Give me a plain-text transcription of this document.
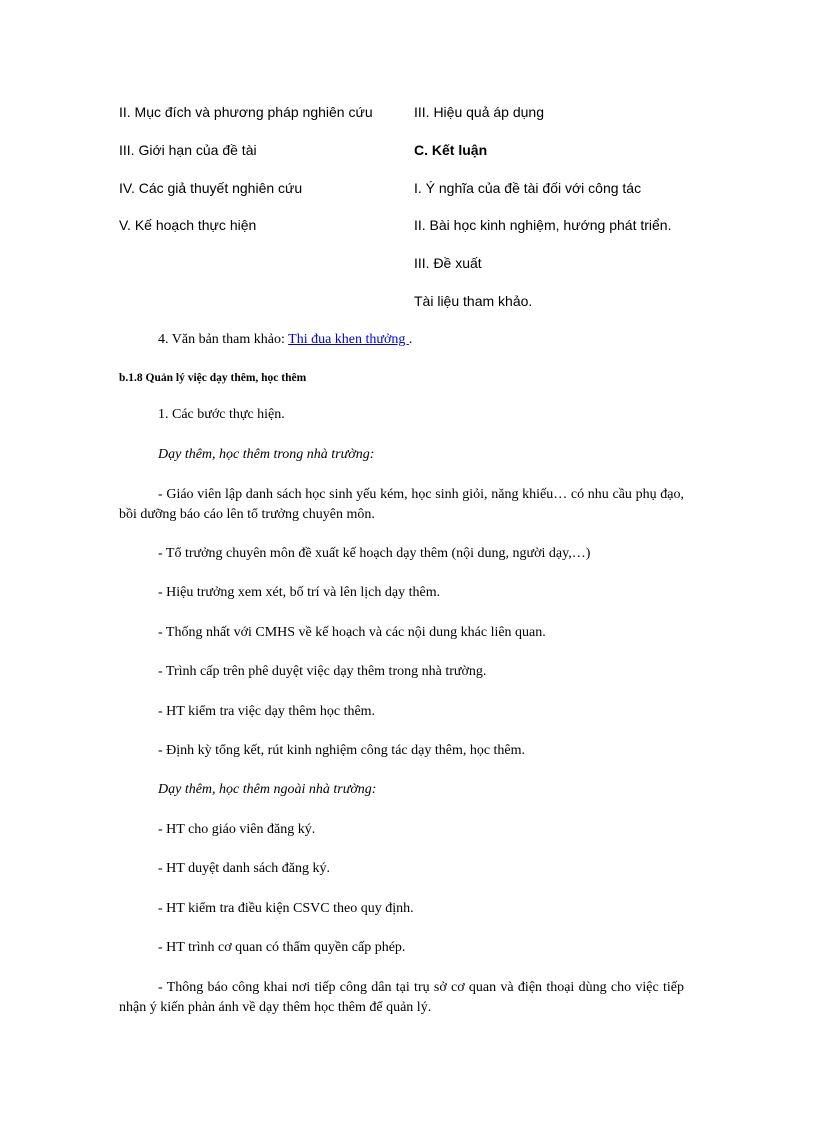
II. Mục đích và phương pháp nghiên cứu
III. Giới hạn của đề tài
IV. Các giả thuyết nghiên cứu
V. Kế hoạch thực hiện
III. Hiệu quả áp dụng
C. Kết luận
I. Ý nghĩa của đề tài đối với công tác
II. Bài học kinh nghiệm, hướng phát triển.
III. Đề xuất
Tài liệu tham khảo.
4. Văn bản tham khảo: Thi đua khen thưởng .
b.1.8 Quản lý việc dạy thêm, học thêm
1. Các bước thực hiện.
Dạy thêm, học thêm trong nhà trường:
- Giáo viên lập danh sách học sinh yếu kém, học sinh giỏi, năng khiếu… có nhu cầu phụ đạo, bồi dưỡng báo cáo lên tổ trưởng chuyên môn.
- Tổ trưởng chuyên môn đề xuất kế hoạch dạy thêm (nội dung, người dạy,…)
- Hiệu trưởng xem xét, bố trí và lên lịch dạy thêm.
- Thống nhất với CMHS về kế hoạch và các nội dung khác liên quan.
- Trình cấp trên phê duyệt việc dạy thêm trong nhà trường.
- HT kiểm tra việc dạy thêm học thêm.
- Định kỳ tổng kết, rút kinh nghiệm công tác dạy thêm, học thêm.
Dạy thêm, học thêm ngoài nhà trường:
- HT cho giáo viên đăng ký.
- HT duyệt danh sách đăng ký.
- HT kiểm tra điều kiện CSVC theo quy định.
- HT trình cơ quan có thẩm quyền cấp phép.
- Thông báo công khai nơi tiếp công dân tại trụ sở cơ quan và điện thoại dùng cho việc tiếp nhận ý kiến phản ánh về dạy thêm học thêm để quản lý.
